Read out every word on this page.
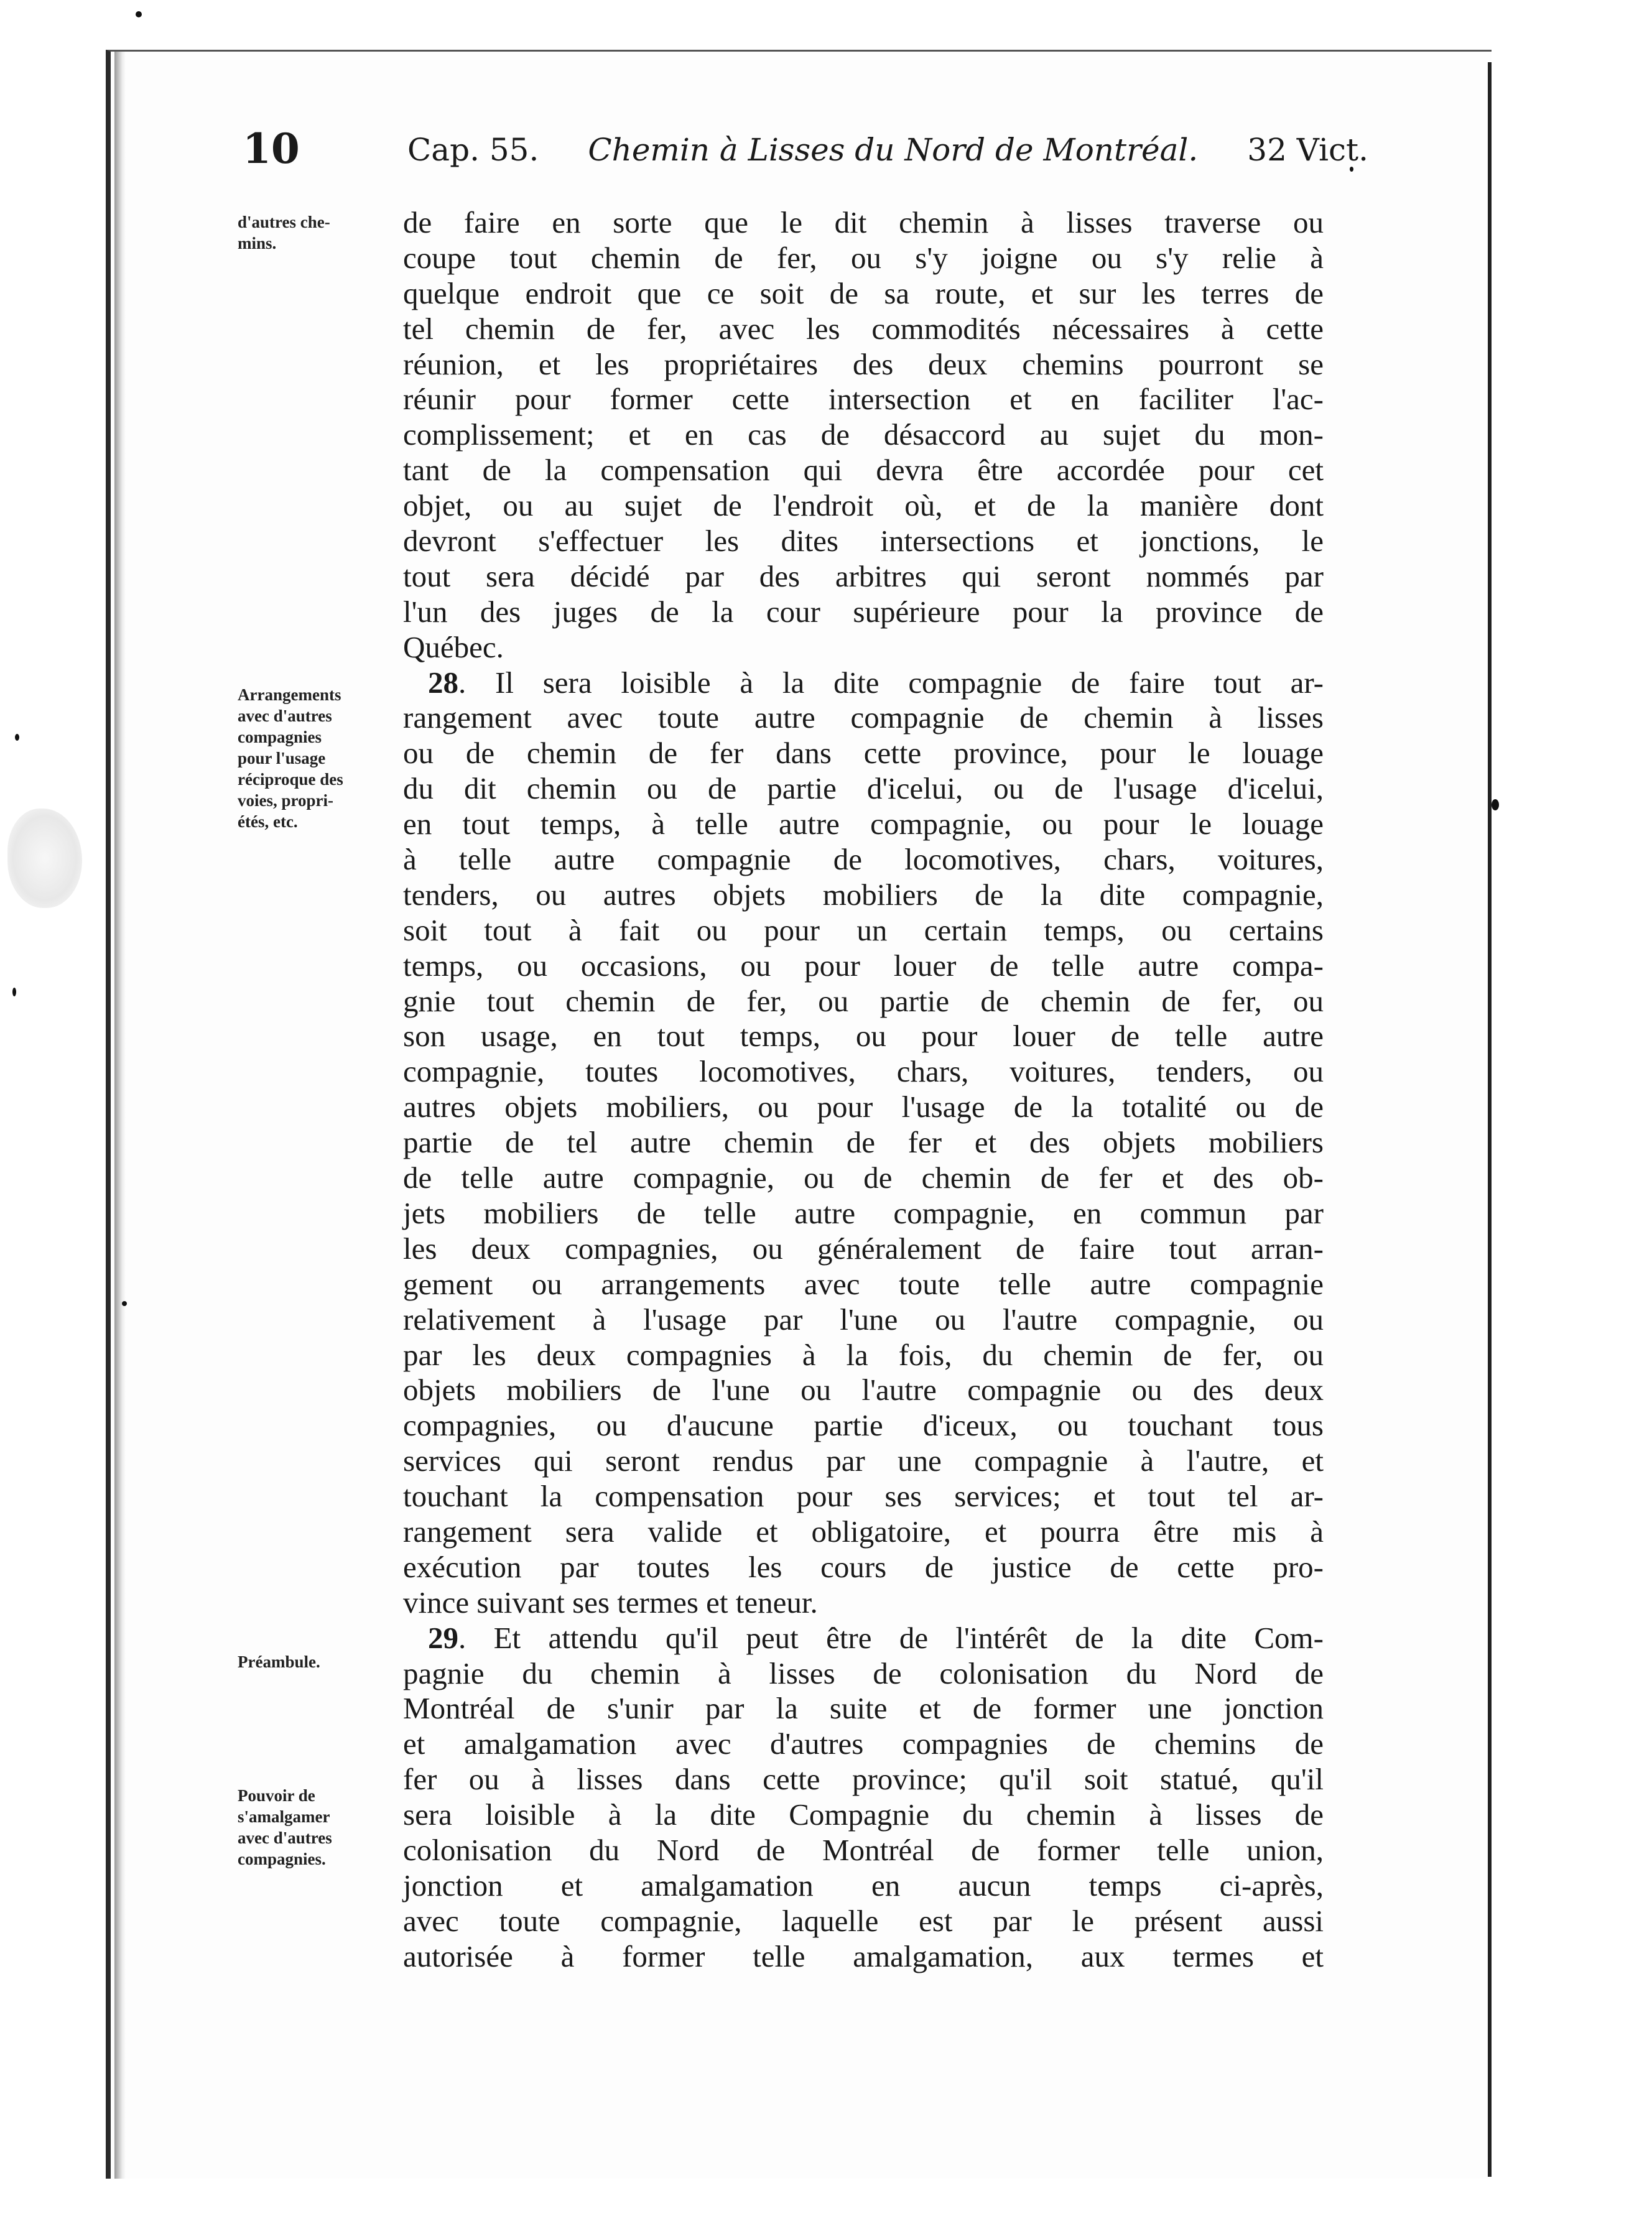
10	Cap. 55. Chemin à Lisses du Nord de Montréal. 32 Vict.
d'autres che-
mins.
Arrangements
avec d'autres
compagnies
pour l'usage
réciproque des
voies, propri-
étés, etc.
Préambule.
Pouvoir de
s'amalgamer
avec d'autres
compagnies.
de faire en sorte que le dit chemin à lisses traverse ou
coupe tout chemin de fer, ou s'y joigne ou s'y relie à
quelque endroit que ce soit de sa route, et sur les terres de
tel chemin de fer, avec les commodités nécessaires à cette
réunion, et les propriétaires des deux chemins pourront se
réunir pour former cette intersection et en faciliter l'ac-
complissement; et en cas de désaccord au sujet du mon-
tant de la compensation qui devra être accordée pour cet
objet, ou au sujet de l'endroit où, et de la manière dont
devront s'effectuer les dites intersections et jonctions, le
tout sera décidé par des arbitres qui seront nommés par
l'un des juges de la cour supérieure pour la province de
Québec.
28. Il sera loisible à la dite compagnie de faire tout ar-
rangement avec toute autre compagnie de chemin à lisses
ou de chemin de fer dans cette province, pour le louage
du dit chemin ou de partie d'icelui, ou de l'usage d'icelui,
en tout temps, à telle autre compagnie, ou pour le louage
à telle autre compagnie de locomotives, chars, voitures,
tenders, ou autres objets mobiliers de la dite compagnie,
soit tout à fait ou pour un certain temps, ou certains
temps, ou occasions, ou pour louer de telle autre compa-
gnie tout chemin de fer, ou partie de chemin de fer, ou
son usage, en tout temps, ou pour louer de telle autre
compagnie, toutes locomotives, chars, voitures, tenders, ou
autres objets mobiliers, ou pour l'usage de la totalité ou de
partie de tel autre chemin de fer et des objets mobiliers
de telle autre compagnie, ou de chemin de fer et des ob-
jets mobiliers de telle autre compagnie, en commun par
les deux compagnies, ou généralement de faire tout arran-
gement ou arrangements avec toute telle autre compagnie
relativement à l'usage par l'une ou l'autre compagnie, ou
par les deux compagnies à la fois, du chemin de fer, ou
objets mobiliers de l'une ou l'autre compagnie ou des deux
compagnies, ou d'aucune partie d'iceux, ou touchant tous
services qui seront rendus par une compagnie à l'autre, et
touchant la compensation pour ses services; et tout tel ar-
rangement sera valide et obligatoire, et pourra être mis à
exécution par toutes les cours de justice de cette pro-
vince suivant ses termes et teneur.
29. Et attendu qu'il peut être de l'intérêt de la dite Com-
pagnie du chemin à lisses de colonisation du Nord de
Montréal de s'unir par la suite et de former une jonction
et amalgamation avec d'autres compagnies de chemins de
fer ou à lisses dans cette province; qu'il soit statué, qu'il
sera loisible à la dite Compagnie du chemin à lisses de
colonisation du Nord de Montréal de former telle union,
jonction et amalgamation en aucun temps ci-après,
avec toute compagnie, laquelle est par le présent aussi
autorisée à former telle amalgamation, aux termes et
